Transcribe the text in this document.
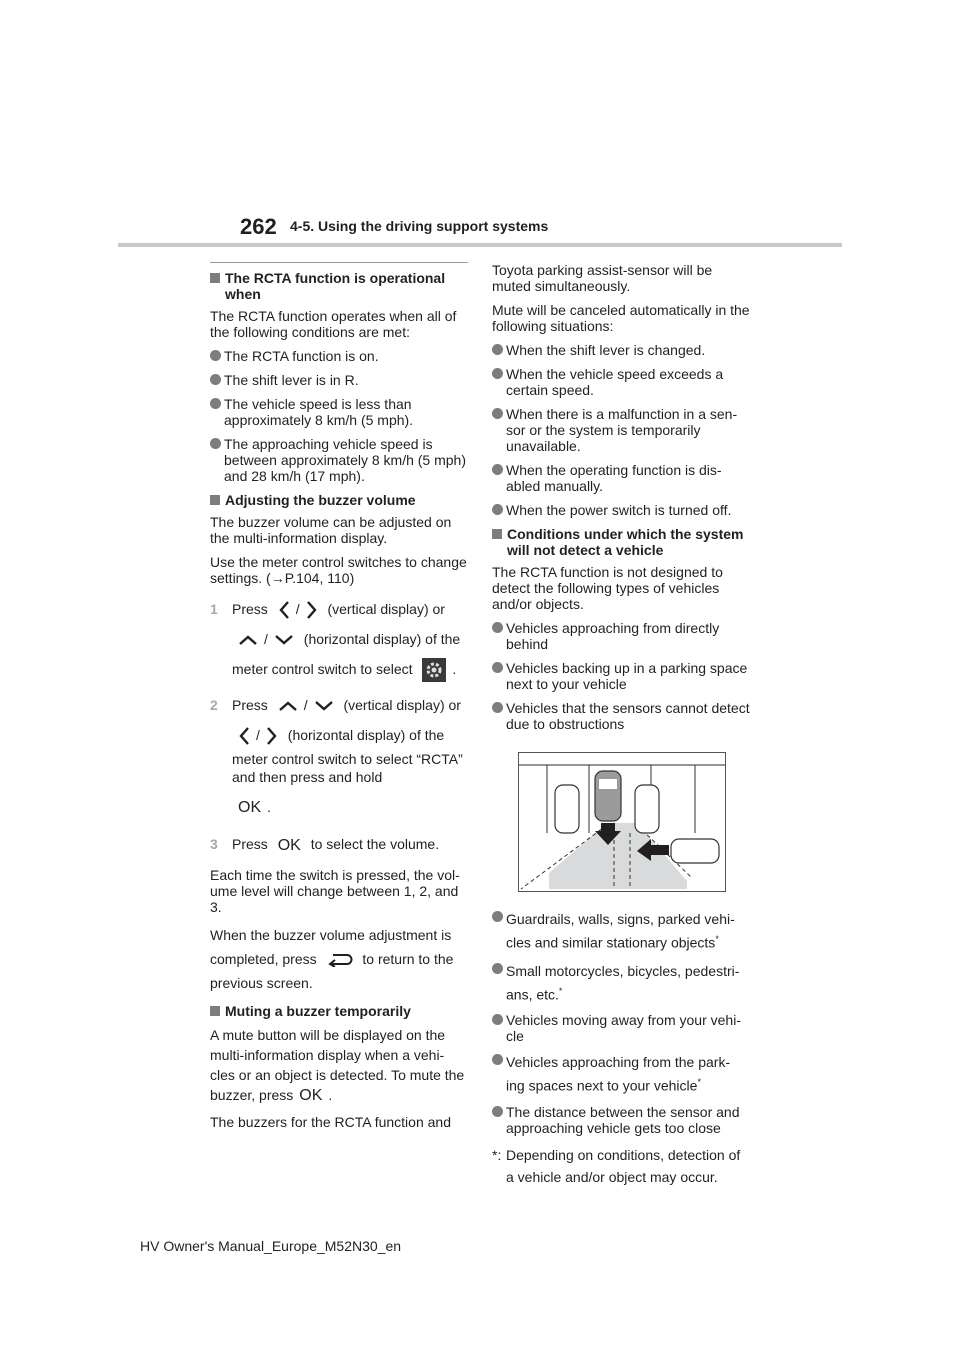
262 4-5. Using the driving support systems
The RCTA function is operational when

The RCTA function operates when all of the following conditions are met:

The RCTA function is on.
The shift lever is in R.
The vehicle speed is less than approximately 8 km/h (5 mph).
The approaching vehicle speed is between approximately 8 km/h (5 mph) and 28 km/h (17 mph).
Adjusting the buzzer volume

The buzzer volume can be adjusted on the multi-information display.

Use the meter control switches to change settings. (→P.104, 110)

1	Press / (vertical display) or
/	(horizontal display) of the
meter control switch to select	.
2	Press	/	(vertical display) or
/ (horizontal display) of the
meter control switch to select “RCTA” and then press and hold
OK .
3	Press OK to select the volume.

Each time the switch is pressed, the vol- ume level will change between 1, 2, and 3.

When the buzzer volume adjustment is completed, press	to return to the previous screen.

Muting a buzzer temporarily

A mute button will be displayed on the multi-information display when a vehi- cles or an object is detected. To mute the buzzer, press OK .

The buzzers for the RCTA function and

Toyota parking assist-sensor will be muted simultaneously.

Mute will be canceled automatically in the following situations:

When the shift lever is changed.
When the vehicle speed exceeds a certain speed.
When there is a malfunction in a sen- sor or the system is temporarily unavailable.
When the operating function is dis- abled manually.
When the power switch is turned off.
Conditions under which the system will not detect a vehicle

The RCTA function is not designed to detect the following types of vehicles and/or objects.

Vehicles approaching from directly behind
Vehicles backing up in a parking space next to your vehicle
Vehicles that the sensors cannot detect due to obstructions
Guardrails, walls, signs, parked vehi- cles and similar stationary objects*
Small motorcycles, bicycles, pedestri- ans, etc.*
Vehicles moving away from your vehi- cle
Vehicles approaching from the park- ing spaces next to your vehicle*
The distance between the sensor and approaching vehicle gets too close
*: Depending on conditions, detection of a vehicle and/or object may occur.
HV Owner's Manual_Europe_M52N30_en
